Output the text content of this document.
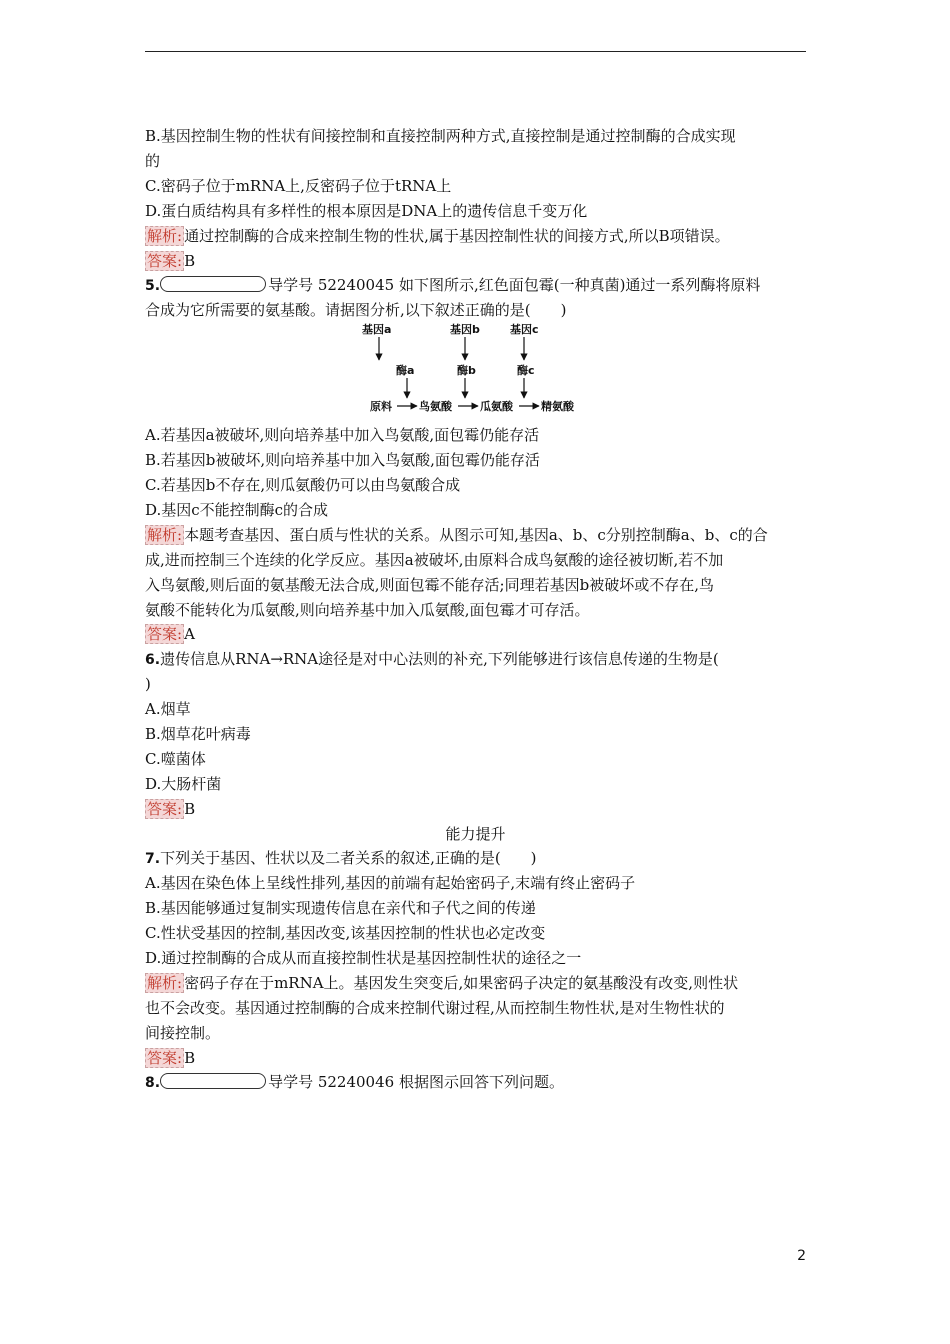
B.基因控制生物的性状有间接控制和直接控制两种方式,直接控制是通过控制酶的合成实现
的
C.密码子位于mRNA上,反密码子位于tRNA上
D.蛋白质结构具有多样性的根本原因是DNA上的遗传信息千变万化
解析: 通过控制酶的合成来控制生物的性状,属于基因控制性状的间接方式,所以B项错误。
答案: B
5.	导学号 52240045 如下图所示,红色面包霉(一种真菌)通过一系列酶将原料
合成为它所需要的氨基酸。请据图分析,以下叙述正确的是(　　)
基因a	基因b	基因c
酶a	酶b	酶c
原料 鸟氨酸	瓜氨酸	精氨酸
A.若基因a被破坏,则向培养基中加入鸟氨酸,面包霉仍能存活
B.若基因b被破坏,则向培养基中加入鸟氨酸,面包霉仍能存活
C.若基因b不存在,则瓜氨酸仍可以由鸟氨酸合成
D.基因c不能控制酶c的合成
解析: 本题考查基因、蛋白质与性状的关系。从图示可知,基因a、b、c分别控制酶a、b、c的合
成,进而控制三个连续的化学反应。基因a被破坏,由原料合成鸟氨酸的途径被切断,若不加
入鸟氨酸,则后面的氨基酸无法合成,则面包霉不能存活;同理若基因b被破坏或不存在,鸟
氨酸不能转化为瓜氨酸,则向培养基中加入瓜氨酸,面包霉才可存活。
答案: A
6.遗传信息从RNA→RNA途径是对中心法则的补充,下列能够进行该信息传递的生物是(
)
A.烟草
B.烟草花叶病毒
C.噬菌体
D.大肠杆菌
答案: B
能力提升
7.下列关于基因、性状以及二者关系的叙述,正确的是(　　)
A.基因在染色体上呈线性排列,基因的前端有起始密码子,末端有终止密码子
B.基因能够通过复制实现遗传信息在亲代和子代之间的传递
C.性状受基因的控制,基因改变,该基因控制的性状也必定改变
D.通过控制酶的合成从而直接控制性状是基因控制性状的途径之一
解析: 密码子存在于mRNA上。基因发生突变后,如果密码子决定的氨基酸没有改变,则性状
也不会改变。基因通过控制酶的合成来控制代谢过程,从而控制生物性状,是对生物性状的
间接控制。
答案: B
8.	导学号 52240046 根据图示回答下列问题。
2
